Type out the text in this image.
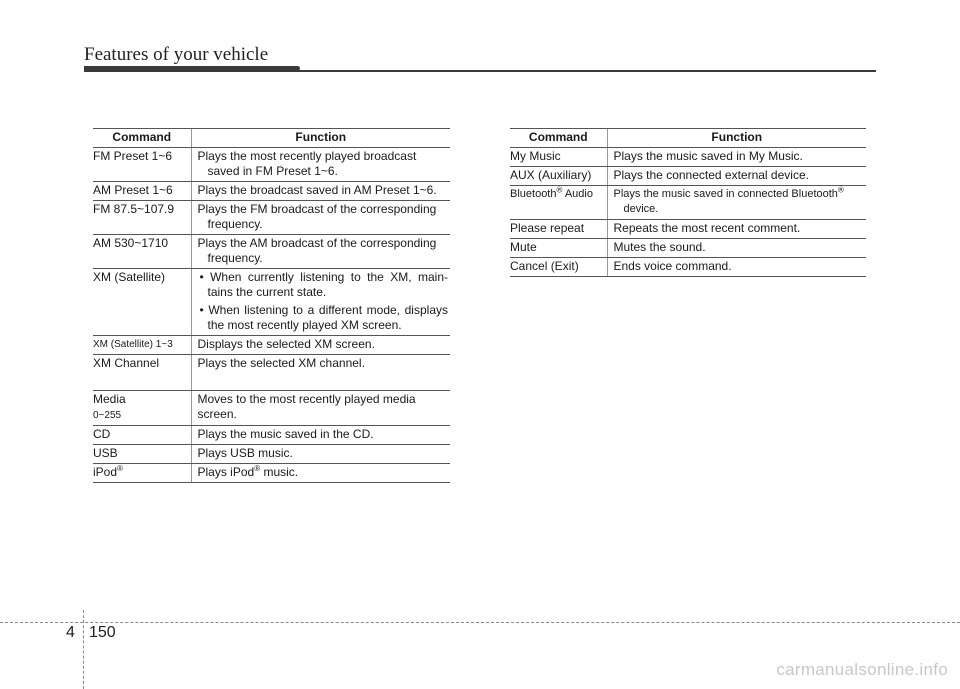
Features of your vehicle
Command	Function
FM Preset 1~6	Plays the most recently played broadcast
saved in FM Preset 1~6.
AM Preset 1~6	Plays the broadcast saved in AM Preset 1~6.
FM 87.5~107.9	Plays the FM broadcast of the corresponding
frequency.
AM 530~1710	Plays the AM broadcast of the corresponding
frequency.
XM (Satellite)	• When currently listening to the XM, main-tains the current state.

• When listening to a different mode, displays the most recently played XM screen.

XM (Satellite) 1~3	Displays the selected XM screen.
XM Channel	Plays the selected XM channel.
Media
0~255	Moves to the most recently played media
screen.
CD	Plays the music saved in the CD.
USB	Plays USB music.
iPod®	Plays iPod® music.
Command	Function
My Music	Plays the music saved in My Music.
AUX (Auxiliary)	Plays the connected external device.
Bluetooth® Audio	Plays the music saved in connected Bluetooth®
device.
Please repeat	Repeats the most recent comment.
Mute	Mutes the sound.
Cancel (Exit)	Ends voice command.
4 150
carmanualsonline.info
